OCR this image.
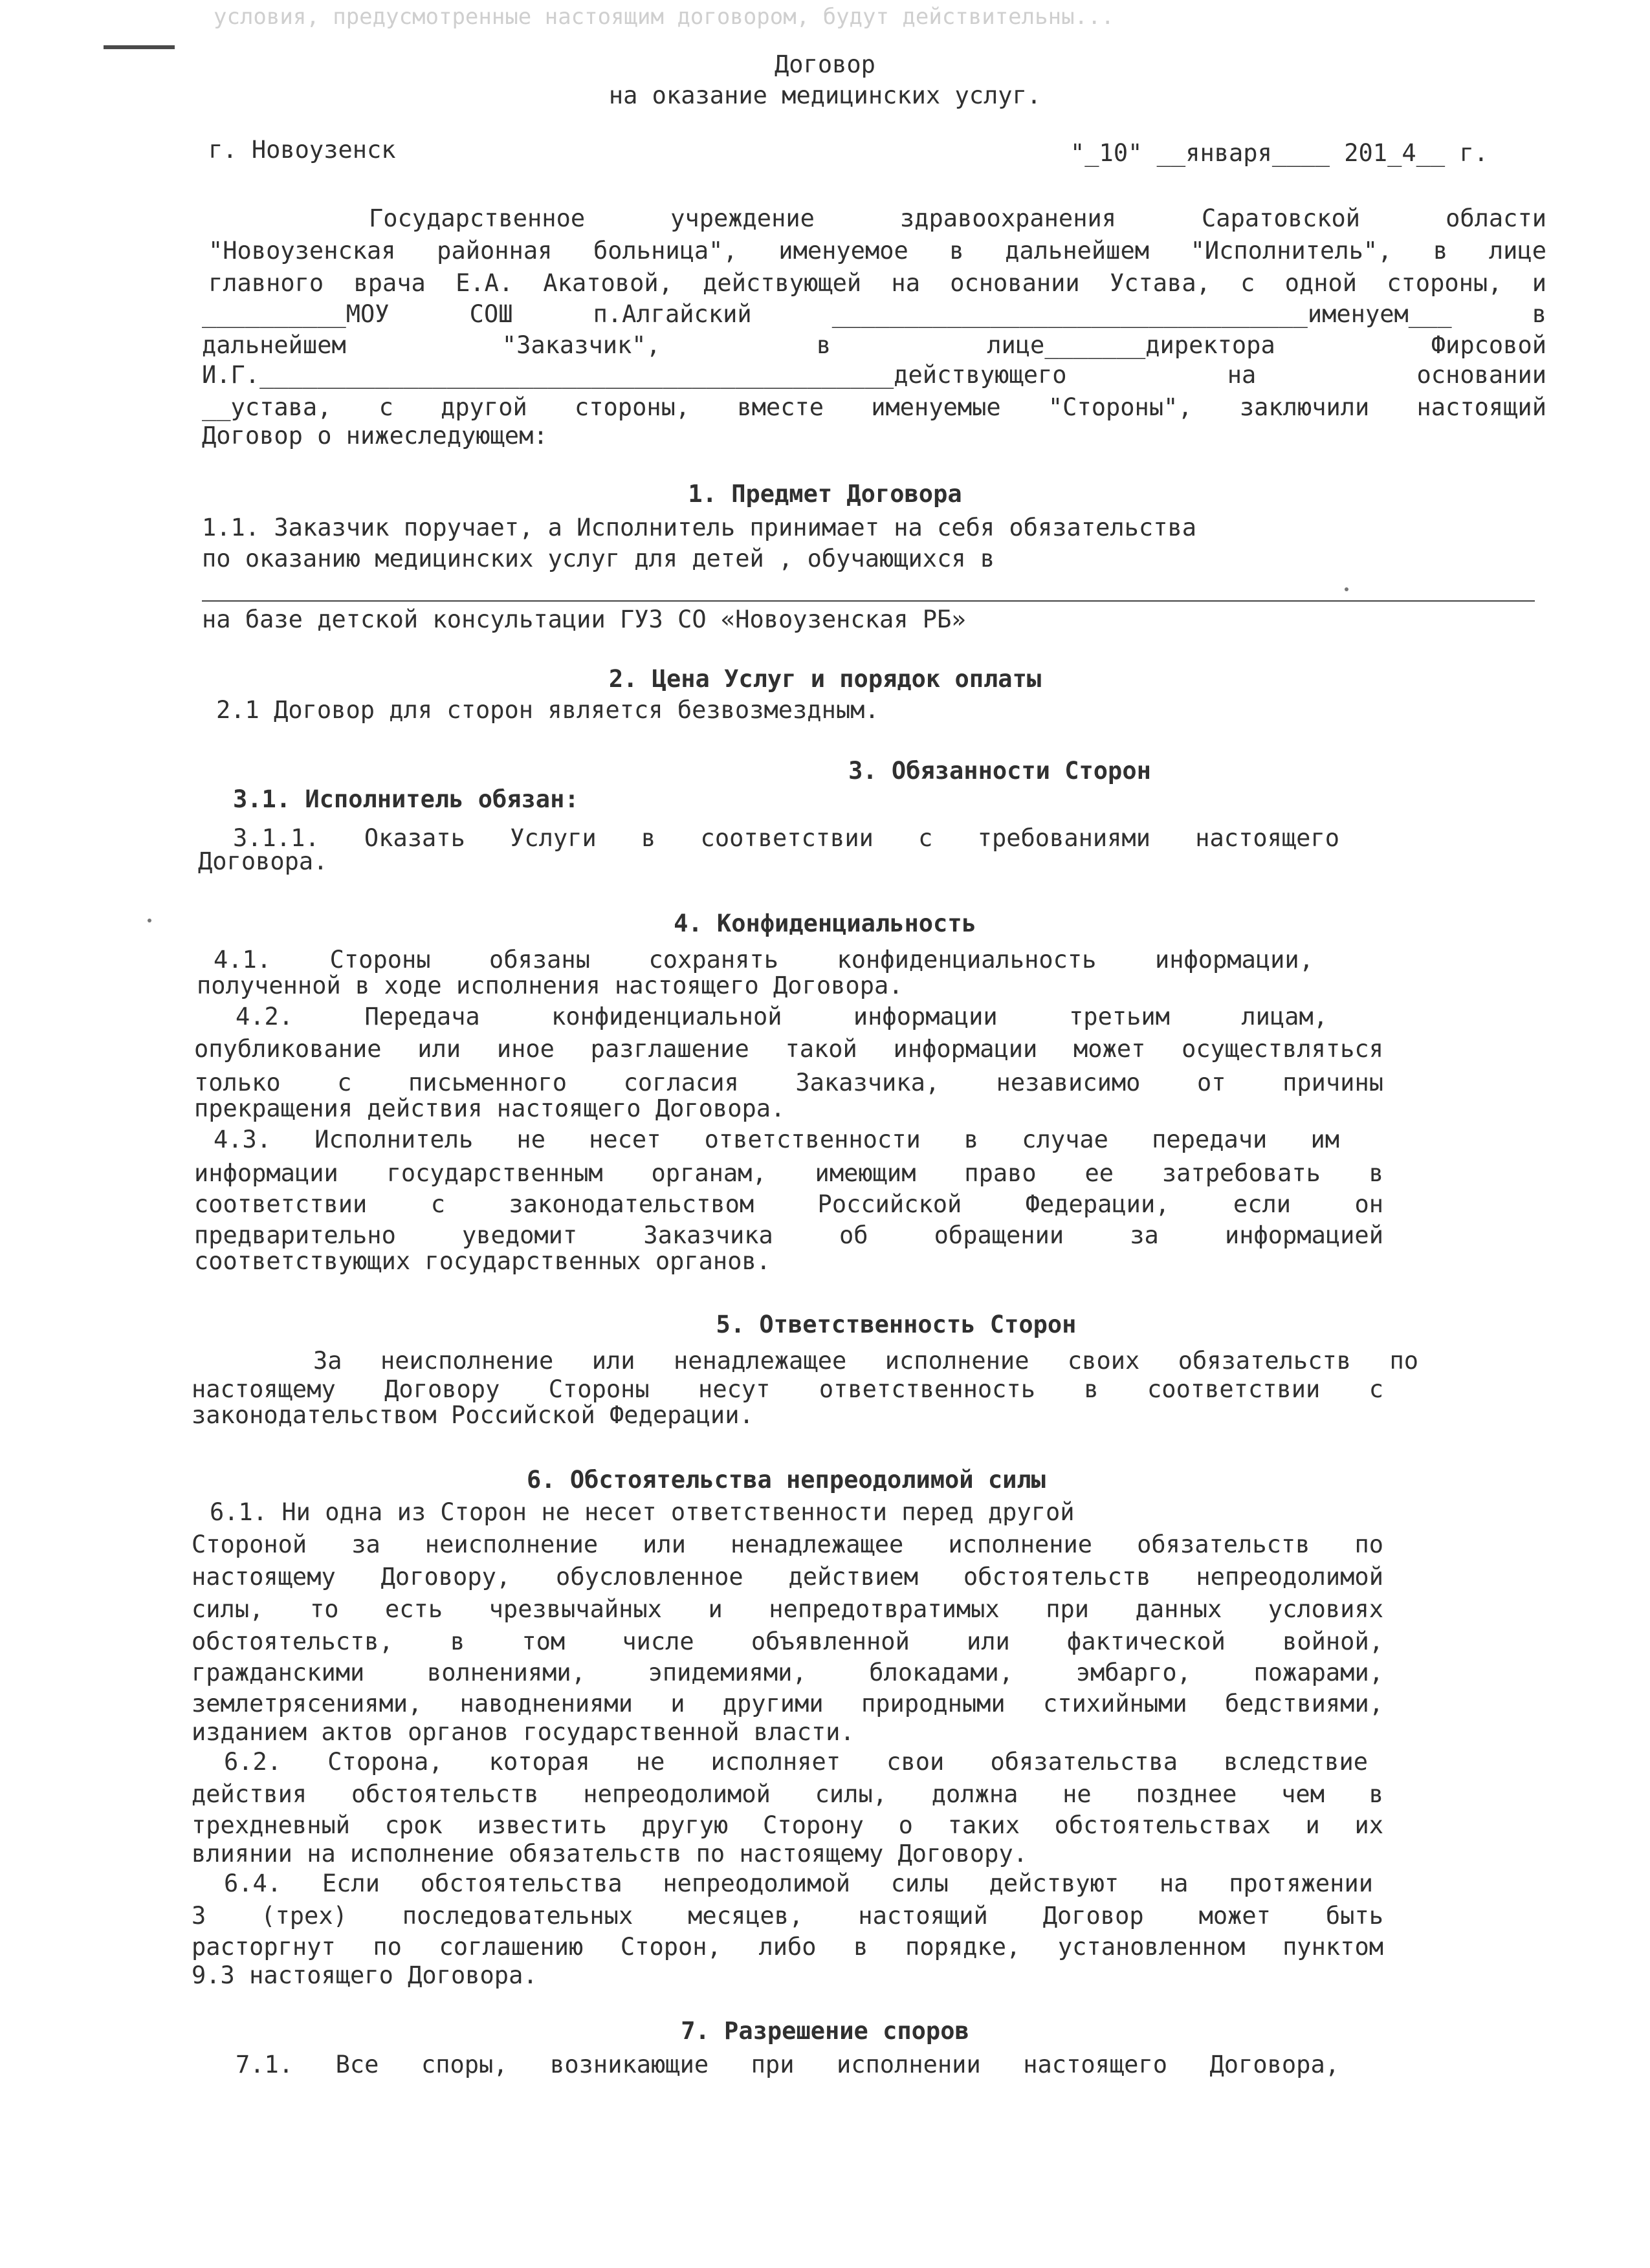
условия, предусмотренные настоящим договором, будут действительны...
Договор
на оказание медицинских услуг.
г. Новоузенск	"_10" __января____ 201_4__ г.
Государственное учреждение здравоохранения Саратовской области
"Новоузенская районная больница", именуемое в дальнейшем "Исполнитель", в лице
главного врача Е.А. Акатовой, действующей на основании Устава, с одной стороны, и
__________МОУ СОШ п.Алгайский _________________________________именуем___ в
дальнейшем "Заказчик", в лице_______директора Фирсовой
И.Г.____________________________________________действующего на основании
__устава, с другой стороны, вместе именуемые "Стороны", заключили настоящий
Договор о нижеследующем:
1. Предмет Договора
1.1. Заказчик поручает, а Исполнитель принимает на себя обязательства
по оказанию медицинских услуг для детей , обучающихся в
на базе детской консультации ГУЗ СО «Новоузенская РБ»
2. Цена Услуг и порядок оплаты
2.1 Договор для сторон является безвозмездным.
3. Обязанности Сторон
3.1. Исполнитель обязан:
3.1.1. Оказать Услуги в соответствии с требованиями настоящего
Договора.
4. Конфиденциальность
4.1. Стороны обязаны сохранять конфиденциальность информации,
полученной в ходе исполнения настоящего Договора.
4.2. Передача конфиденциальной информации третьим лицам,
опубликование или иное разглашение такой информации может осуществляться
только с письменного согласия Заказчика, независимо от причины
прекращения действия настоящего Договора.
4.3. Исполнитель не несет ответственности в случае передачи им
информации государственным органам, имеющим право ее затребовать в
соответствии с законодательством Российской Федерации, если он
предварительно уведомит Заказчика об обращении за информацией
соответствующих государственных органов.
5. Ответственность Сторон
За неисполнение или ненадлежащее исполнение своих обязательств по
настоящему Договору Стороны несут ответственность в соответствии с
законодательством Российской Федерации.
6. Обстоятельства непреодолимой силы
6.1. Ни одна из Сторон не несет ответственности перед другой
Стороной за неисполнение или ненадлежащее исполнение обязательств по
настоящему Договору, обусловленное действием обстоятельств непреодолимой
силы, то есть чрезвычайных и непредотвратимых при данных условиях
обстоятельств, в том числе объявленной или фактической войной,
гражданскими волнениями, эпидемиями, блокадами, эмбарго, пожарами,
землетрясениями, наводнениями и другими природными стихийными бедствиями,
изданием актов органов государственной власти.
6.2. Сторона, которая не исполняет свои обязательства вследствие
действия обстоятельств непреодолимой силы, должна не позднее чем в
трехдневный срок известить другую Сторону о таких обстоятельствах и их
влиянии на исполнение обязательств по настоящему Договору.
6.4. Если обстоятельства непреодолимой силы действуют на протяжении
3 (трех) последовательных месяцев, настоящий Договор может быть
расторгнут по соглашению Сторон, либо в порядке, установленном пунктом
9.3 настоящего Договора.
7. Разрешение споров
7.1. Все споры, возникающие при исполнении настоящего Договора,
